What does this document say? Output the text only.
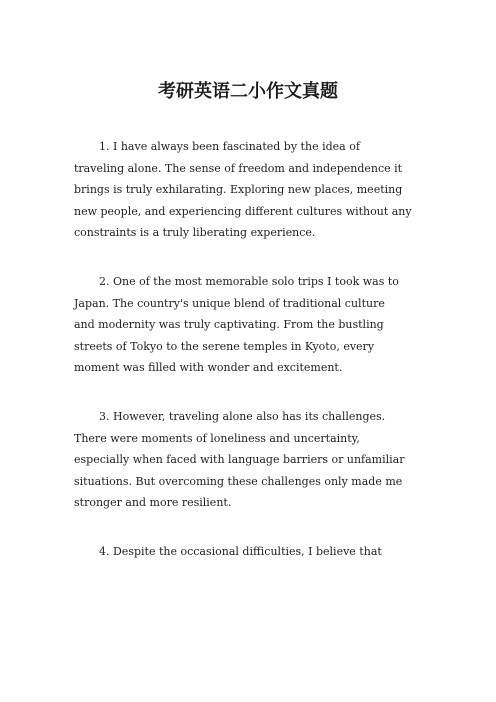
考研英语二小作文真题

1. I have always been fascinated by the idea of
traveling alone. The sense of freedom and independence it
brings is truly exhilarating. Exploring new places, meeting
new people, and experiencing different cultures without any
constraints is a truly liberating experience.

2. One of the most memorable solo trips I took was to
Japan. The country's unique blend of traditional culture
and modernity was truly captivating. From the bustling
streets of Tokyo to the serene temples in Kyoto, every
moment was filled with wonder and excitement.

3. However, traveling alone also has its challenges.
There were moments of loneliness and uncertainty,
especially when faced with language barriers or unfamiliar
situations. But overcoming these challenges only made me
stronger and more resilient.

4. Despite the occasional difficulties, I believe that
